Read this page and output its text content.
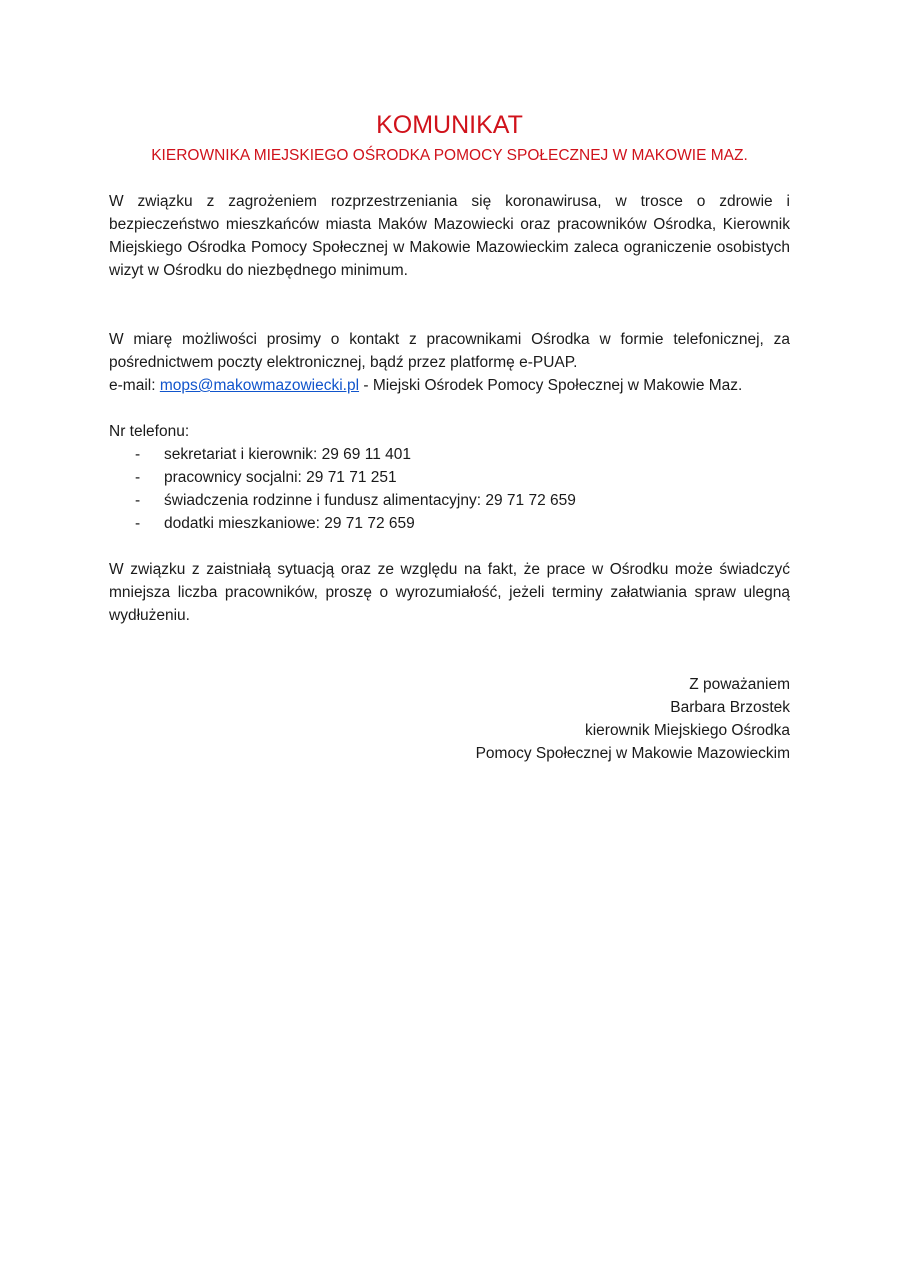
KOMUNIKAT
KIEROWNIKA MIEJSKIEGO OŚRODKA POMOCY SPOŁECZNEJ W MAKOWIE MAZ.

W związku z zagrożeniem rozprzestrzeniania się koronawirusa, w trosce o zdrowie i bezpieczeństwo mieszkańców miasta Maków Mazowiecki oraz pracowników Ośrodka, Kierownik Miejskiego Ośrodka Pomocy Społecznej w Makowie Mazowieckim zaleca ograniczenie osobistych wizyt w Ośrodku do niezbędnego minimum.

W miarę możliwości prosimy o kontakt z pracownikami Ośrodka w formie telefonicznej, za pośrednictwem poczty elektronicznej, bądź przez platformę e-PUAP.

e-mail: mops@makowmazowiecki.pl - Miejski Ośrodek Pomocy Społecznej w Makowie Maz.

Nr telefonu:

-	sekretariat i kierownik: 29 69 11 401
-	pracownicy socjalni: 29 71 71 251
-	świadczenia rodzinne i fundusz alimentacyjny: 29 71 72 659
-	dodatki mieszkaniowe: 29 71 72 659

W związku z zaistniałą sytuacją oraz ze względu na fakt, że prace w Ośrodku może świadczyć mniejsza liczba pracowników, proszę o wyrozumiałość, jeżeli terminy załatwiania spraw ulegną wydłużeniu.

Z poważaniem

Barbara Brzostek

kierownik Miejskiego Ośrodka

Pomocy Społecznej w Makowie Mazowieckim
